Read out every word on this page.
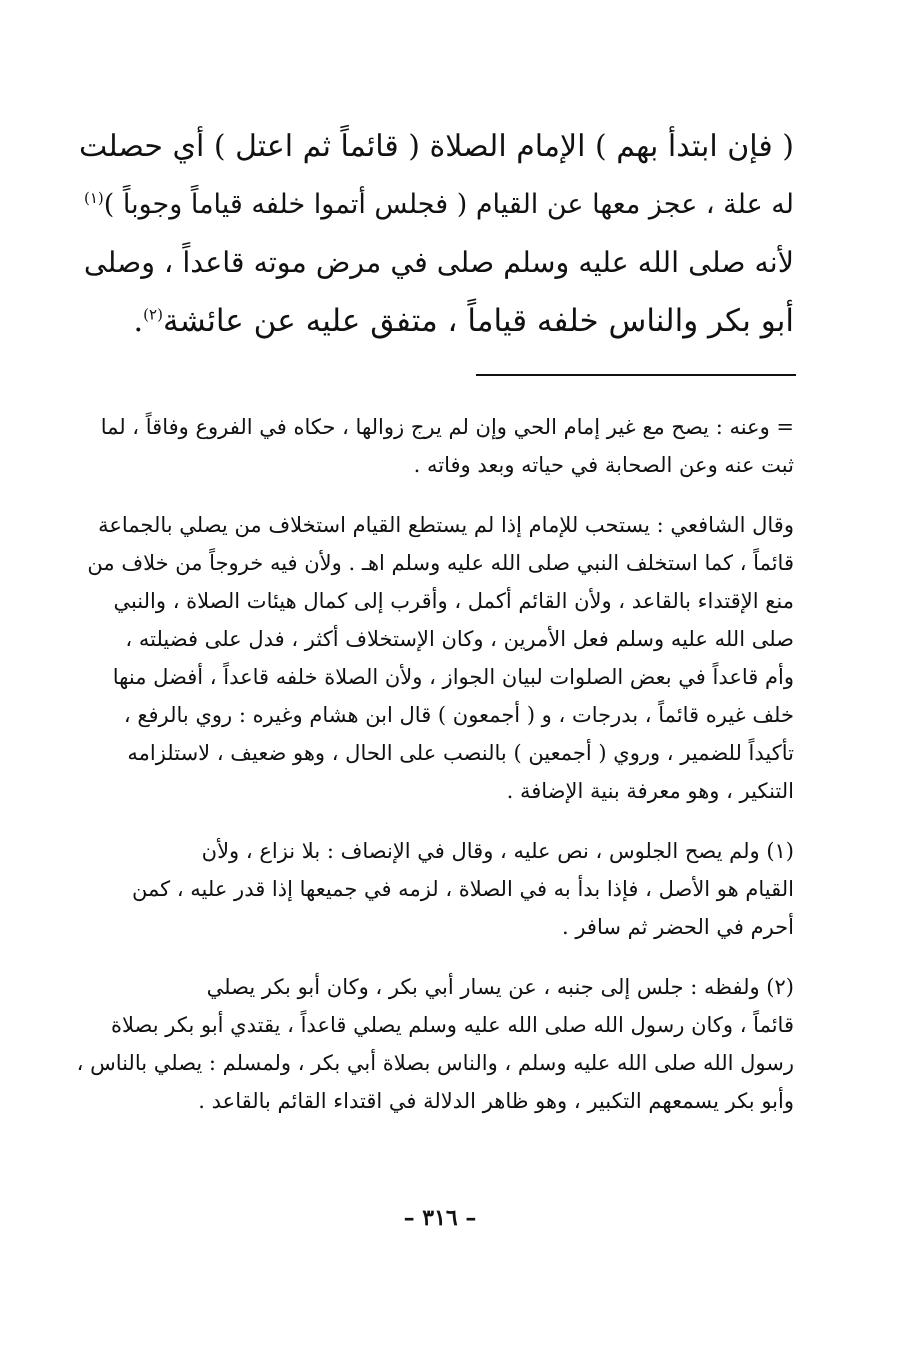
( فإن ابتدأ بهم ) الإمام الصلاة ( قائماً ثم اعتل ) أي حصلت
له علة ، عجز معها عن القيام ( فجلس أتموا خلفه قياماً وجوباً )$^{(١)}$
لأنه صلى الله عليه وسلم صلى في مرض موته قاعداً ، وصلى
أبو بكر والناس خلفه قياماً ، متفق عليه عن عائشة$^{(٢)}$.

= وعنه : يصح مع غير إمام الحي وإن لم يرج زوالها ، حكاه في الفروع وفاقاً ، لما
ثبت عنه وعن الصحابة في حياته وبعد وفاته .

وقال الشافعي : يستحب للإمام إذا لم يستطع القيام استخلاف من يصلي بالجماعة
قائماً ، كما استخلف النبي صلى الله عليه وسلم اهـ . ولأن فيه خروجاً من خلاف من
منع الإقتداء بالقاعد ، ولأن القائم أكمل ، وأقرب إلى كمال هيئات الصلاة ، والنبي
صلى الله عليه وسلم فعل الأمرين ، وكان الإستخلاف أكثر ، فدل على فضيلته ،
وأم قاعداً في بعض الصلوات لبيان الجواز ، ولأن الصلاة خلفه قاعداً ، أفضل منها
خلف غيره قائماً ، بدرجات ، و ( أجمعون ) قال ابن هشام وغيره : روي بالرفع ،
تأكيداً للضمير ، وروي ( أجمعين ) بالنصب على الحال ، وهو ضعيف ، لاستلزامه
التنكير ، وهو معرفة بنية الإضافة .

(١) ولم يصح الجلوس ، نص عليه ، وقال في الإنصاف : بلا نزاع ، ولأن
القيام هو الأصل ، فإذا بدأ به في الصلاة ، لزمه في جميعها إذا قدر عليه ، كمن
أحرم في الحضر ثم سافر .

(٢) ولفظه : جلس إلى جنبه ، عن يسار أبي بكر ، وكان أبو بكر يصلي
قائماً ، وكان رسول الله صلى الله عليه وسلم يصلي قاعداً ، يقتدي أبو بكر بصلاة
رسول الله صلى الله عليه وسلم ، والناس بصلاة أبي بكر ، ولمسلم : يصلي بالناس ،
وأبو بكر يسمعهم التكبير ، وهو ظاهر الدلالة في اقتداء القائم بالقاعد .

– ٣١٦ –
